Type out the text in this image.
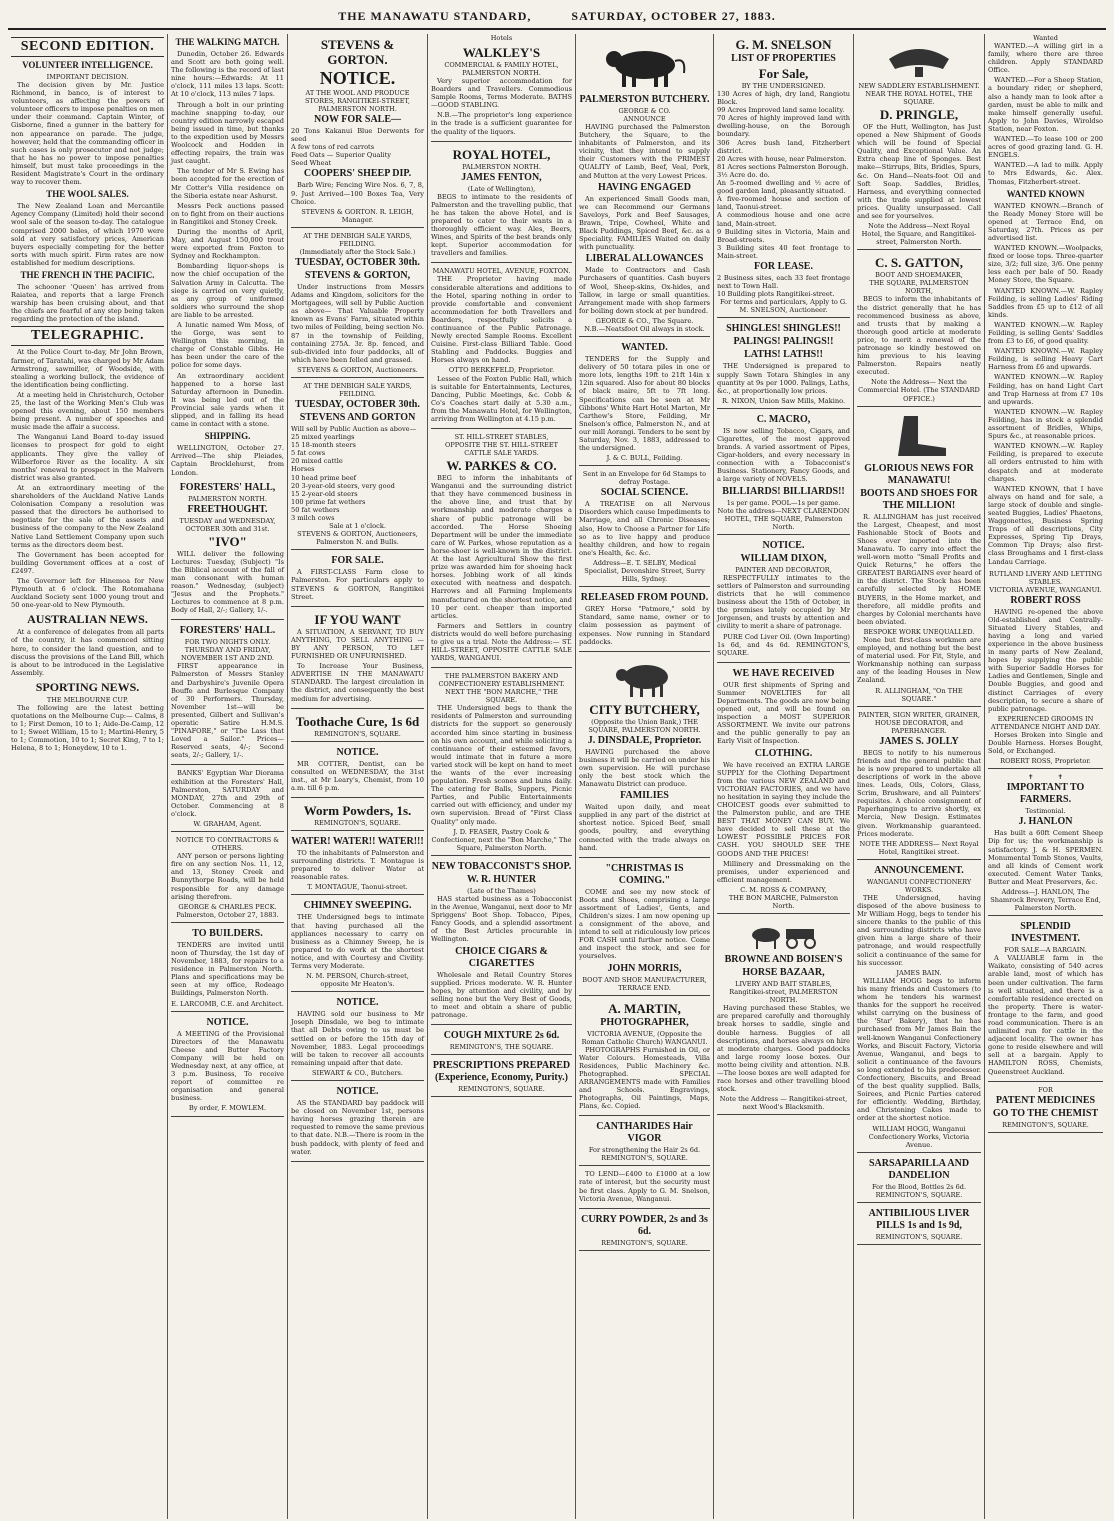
THE MANAWATU STANDARD,	SATURDAY, OCTOBER 27, 1883.
SECOND EDITION.
VOLUNTEER INTELLIGENCE.
IMPORTANT DECISION.

The decision given by Mr. Justice Richmond, in banco, is of interest to volunteers, as affecting the powers of volunteer officers to impose penalties on men under their command. Captain Winter, of Gisborne, fined a gunner in the battery for non appearance on parade. The judge, however, held that the commanding officer in such cases is only prosecutor and not judge; that he has no power to impose penalties himself, but must take proceedings in the Resident Magistrate's Court in the ordinary way to recover them.

THE WOOL SALES.

The New Zealand Loan and Mercantile Agency Company (Limited) hold their second wool sale of the season to-day. The catalogue comprised 2000 bales, of which 1970 were sold at very satisfactory prices, American buyers especially competing for the better sorts with much spirit. Firm rates are now established for medium descriptions.

THE FRENCH IN THE PACIFIC.

The schooner 'Queen' has arrived from Raiatea, and reports that a large French warship has been cruising about, and that the chiefs are fearful of any step being taken regarding the protection of the island.

TELEGRAPHIC.

At the Police Court to-day, Mr John Brown, farmer, of Taratahi, was charged by Mr Adam Armstrong, sawmiller, of Woodside, with stealing a working bullock, the evidence of the identification being conflicting.

At a meeting held in Christchurch, October 25, the last of the Working Men's Club was opened this evening, about 150 members being present. A number of speeches and music made the affair a success.

The Wanganui Land Board to-day issued licenses to prospect for gold to eight applicants. They give the valley of Wilberforce River as the locality. A six months' renewal to prospect in the Malvern district was also granted.

At an extraordinary meeting of the shareholders of the Auckland Native Lands Colonisation Company a resolution was passed that the directors be authorised to negotiate for the sale of the assets and business of the company to the New Zealand Native Land Settlement Company upon such terms as the directors deem best.

The Government has been accepted for building Government offices at a cost of £2497.

The Governor left for Hinemoa for New Plymouth at 6 o'clock. The Rotomahana Auckland Society sent 1000 young trout and 50 one-year-old to New Plymouth.

AUSTRALIAN NEWS.

At a conference of delegates from all parts of the country, it has commenced sitting here, to consider the land question, and to discuss the provisions of the Land Bill, which is about to be introduced in the Legislative Assembly.

SPORTING NEWS.
THE MELBOURNE CUP.

The following are the latest betting quotations on the Melbourne Cup:— Calms, 8 to 1; First Demon, 10 to 1; Aide-De-Camp, 12 to 1; Sweet William, 15 to 1; Martini-Henry, 5 to 1; Commotion, 10 to 1; Secret King, 7 to 1; Helena, 8 to 1; Honeydew, 10 to 1.

THE WALKING MATCH.

Dunedin, October 26. Edwards and Scott are both going well. The following is the record of last nine hours:—Edwards: At 11 o'clock, 111 miles 13 laps. Scott: At 10 o'clock, 113 miles 7 laps.

Through a bolt in our printing machine snapping to-day, our country edition narrowly escaped being issued in time, but thanks to the expedition used by Messrs Woolcock and Hodden in effecting repairs, the train was just caught.

The tender of Mr S. Ewing has been accepted for the erection of Mr Cotter's Villa residence on the Siberia estate near Ashurst.

Messrs Peck auctions passed on to fight from on their auctions in Rangitikei and Stoney Creek.

During the months of April, May, and August 150,000 trout were exported from Foxton to Sydney and Rockhampton.

Bombarding liquor-shops is now the chief occupation of the Salvation Army in Calcutta. The siege is carried on very quietly, as any group of uniformed soldiers who surround the shop are liable to be arrested.

A lunatic named Wm Moss, of the Gorge, was sent to Wellington this morning, in charge of Constable Gibbs. He has been under the care of the police for some days.

An extraordinary accident happened to a horse last Saturday afternoon in Dunedin. It was being led out of the Provincial sale yards when it slipped, and in falling its head came in contact with a stone.

SHIPPING.

WELLINGTON, October 27. Arrived—The ship Pleiades, Captain Brocklehurst, from London.

FORESTERS' HALL,
PALMERSTON NORTH.
FREETHOUGHT.
TUESDAY and WEDNESDAY, OCTOBER 30th and 31st.
"IVO"

WILL deliver the following Lectures: Tuesday, (Subject) "Is the Biblical account of the fall of man consonant with human reason." Wednesday, (subject) "Jesus and the Prophets." Lectures to commence at 8 p.m. Body of Hall, 2/-; Gallery, 1/-.

FORESTERS' HALL.
FOR TWO NIGHTS ONLY.
THURSDAY AND FRIDAY, NOVEMBER 1ST AND 2ND.

FIRST appearance in Palmerston of Messrs Stanley and Darbyshire's Juvenile Opera Bouffe and Burlesque Company of 30 Performers. Thursday, November 1st—will be presented, Gilbert and Sullivan's operatic Satire H.M.S. "PINAFORE," or "The Lass that Loved a Sailor." Prices—Reserved seats, 4/-; Second seats, 2/-; Gallery, 1/-.

BANKS' Egyptian War Diorama exhibition at the Foresters' Hall, Palmerston, SATURDAY and MONDAY, 27th and 29th of October. Commencing at 8 o'clock.

W. GRAHAM, Agent.
NOTICE TO CONTRACTORS & OTHERS.

ANY person or persons lighting fire on any section Nos. 11, 12, and 13, Stoney Creek and Bunnythorpe Roads, will be held responsible for any damage arising therefrom.

GEORGE & CHARLES PECK. Palmerston, October 27, 1883.
TO BUILDERS.

TENDERS are invited until noon of Thursday, the 1st day of November, 1883, for repairs to a residence in Palmerston North. Plans and specifications may be seen at my office, Rodeago Buildings, Palmerston North.

E. LARCOMB, C.E. and Architect.
NOTICE.

A MEETING of the Provisional Directors of the Manawatu Cheese and Butter Factory Company will be held on Wednesday next, at any office, at 3 p.m. Business, To receive report of committee re organisation and general business.

By order, F. MOWLEM.
STEVENS & GORTON.
NOTICE.
AT THE WOOL AND PRODUCE STORES, RANGITIKEI-STREET, PALMERSTON NORTH.
NOW FOR SALE—
20 Tons Kakanui Blue Derwents for seed
A few tons of red carrots
Feed Oats — Superior Quality
Seed Wheat
COOPERS' SHEEP DIP.

Barb Wire; Fencing Wire Nos. 6, 7, 8, 9. Just Arrived—100 Boxes Tea, Very Choice.

STEVENS & GORTON. R. LEIGH, Manager.
AT THE DENBIGH SALE YARDS, FEILDING.
(Immediately after the Stock Sale.)
TUESDAY, OCTOBER 30th.
STEVENS & GORTON,

Under instructions from Messrs Adams and Kingdom, solicitors for the Mortgagees, will sell by Public Auction as above— That Valuable Property known as Evans' Farm, situated within two miles of Feilding, being section No. 87 in the township of Feilding, containing 275A. 3r. 8p. fenced, and sub-divided into four paddocks, all of which have been felled and grassed.

STEVENS & GORTON, Auctioneers.
AT THE DENBIGH SALE YARDS, FEILDING.
TUESDAY, OCTOBER 30th.
STEVENS AND GORTON
Will sell by Public Auction as above—
25 mixed yearlings
15 18-month steers
5 fat cows
20 mixed cattle
Horses
10 head prime beef
20 3-year-old steers, very good
15 2-year-old steers
100 prime fat wethers
50 fat wethers
3 milch cows
Sale at 1 o'clock.
STEVENS & GORTON, Auctioneers, Palmerston N. and Bulls.
FOR SALE.

A FIRST-CLASS Farm close to Palmerston. For particulars apply to STEVENS & GORTON, Rangitikei Street.

IF YOU WANT

A SITUATION, A SERVANT, TO BUY ANYTHING, TO SELL ANYTHING — BY ANY PERSON, TO LET FURNISHED OR UNFURNISHED.

To Increase Your Business, ADVERTISE IN THE MANAWATU STANDARD. The largest circulation in the district, and consequently the best medium for advertising.

Toothache Cure, 1s 6d
REMINGTON'S, SQUARE.
NOTICE.

MR COTTER, Dentist, can be consulted on WEDNESDAY, the 31st inst., at Mr Leary's, Chemist, from 10 a.m. till 6 p.m.

Worm Powders, 1s.
REMINGTON'S, SQUARE.
WATER! WATER!! WATER!!!

TO the inhabitants of Palmerston and surrounding districts. T. Montague is prepared to deliver Water at reasonable rates.

T. MONTAGUE, Taonui-street.
CHIMNEY SWEEPING.

THE Undersigned begs to intimate that having purchased all the appliances necessary to carry on business as a Chimney Sweep, he is prepared to do work at the shortest notice, and with Courtesy and Civility. Terms very Moderate.

N. M. PERSON, Church-street, opposite Mr Heaton's.
NOTICE.

HAVING sold our business to Mr Joseph Dinsdale, we beg to intimate that all Debts owing to us must be settled on or before the 15th day of November, 1883. Legal proceedings will be taken to recover all accounts remaining unpaid after that date.

SIEWART & CO., Butchers.
NOTICE.

AS the STANDARD bay paddock will be closed on November 1st, persons having horses grazing therein are requested to remove the same previous to that date. N.B.—There is room in the bush paddock, with plenty of feed and water.

Hotels
WALKLEY'S
COMMERCIAL & FAMILY HOTEL, PALMERSTON NORTH.

Very superior accommodation for Boarders and Travellers. Commodious Sample Rooms, Terms Moderate. BATHS—GOOD STABLING.

N.B.—The proprietor's long experience in the trade is a sufficient guarantee for the quality of the liquors.

ROYAL HOTEL,
PALMERSTON NORTH.
JAMES FENTON,
(Late of Wellington),

BEGS to intimate to the residents of Palmerston and the travelling public, that he has taken the above Hotel, and is prepared to cater to their wants in a thoroughly efficient way. Ales, Beers, Wines, and Spirits of the best brands only kept. Superior accommodation for travellers and families.

MANAWATU HOTEL, AVENUE, FOXTON.

THE Proprietor having made considerable alterations and additions to the Hotel, sparing nothing in order to provide comfortable and convenient accommodation for both Travellers and Boarders, respectfully solicits a continuance of the Public Patronage. Newly erected Sample Rooms. Excellent Cuisine. First-class Billiard Table. Good Stabling and Paddocks. Buggies and Horses always on hand.

OTTO BERKEFELD, Proprietor.

Lessee of the Foxton Public Hall, which is suitable for Entertainments, Lectures, Dancing, Public Meetings, &c. Cobb & Co's Coaches start daily at 5.30 a.m., from the Manawatu Hotel, for Wellington, arriving from Wellington at 4.15 p.m.

ST. HILL-STREET STABLES,
OPPOSITE THE ST. HILL-STREET CATTLE SALE YARDS.
W. PARKES & CO.

BEG to inform the inhabitants of Wanganui and the surrounding district that they have commenced business in the above line, and trust that by workmanship and moderate charges a share of public patronage will be accorded. The Horse Shoeing Department will be under the immediate care of W. Parkes, whose reputation as a horse-shoer is well-known in the district. At the last Agricultural Show the first prize was awarded him for shoeing hack horses. Jobbing work of all kinds executed with neatness and despatch. Harrows and all Farming Implements manufactured on the shortest notice, and 10 per cent. cheaper than imported articles.

Farmers and Settlers in country districts would do well before purchasing to give us a trial. Note the Address:— ST. HILL-STREET, OPPOSITE CATTLE SALE YARDS, WANGANUI.

THE PALMERSTON BAKERY AND CONFECTIONERY ESTABLISHMENT.
NEXT THE "BON MARCHE," THE SQUARE.

THE Undersigned begs to thank the residents of Palmerston and surrounding districts for the support so generously accorded him since starting in business on his own account, and while soliciting a continuance of their esteemed favors, would intimate that in future a more varied stock will be kept on hand to meet the wants of the ever increasing population. Fresh scones and buns daily. The catering for Balls, Suppers, Picnic Parties, and Public Entertainments carried out with efficiency, and under my own supervision. Bread of "First Class Quality" only made.

J. D. FEASER, Pastry Cook & Confectioner, next the "Bon Marche," The Square, Palmerston North.
NEW TOBACCONIST'S SHOP.
W. R. HUNTER
(Late of the Thames)

HAS started business as a Tobacconist in the Avenue, Wanganui, next door to Mr Spriggens' Boot Shop. Tobacco, Pipes, Fancy Goods, and a splendid assortment of the Best Articles procurable in Wellington.

CHOICE CIGARS & CIGARETTES

Wholesale and Retail Country Stores supplied. Prices moderate. W. R. Hunter hopes, by attention and civility, and by selling none but the Very Best of Goods, to meet and obtain a share of public patronage.

COUGH MIXTURE 2s 6d.
REMINGTON'S, THE SQUARE.
PRESCRIPTIONS PREPARED (Experience, Economy, Purity.)
REMINGTON'S, SQUARE.
PALMERSTON BUTCHERY.
GEORGE & CO.
ANNOUNCE

HAVING purchased the Palmerston Butchery, the Square, to the inhabitants of Palmerston, and its vicinity, that they intend to supply their Customers with the PRIMEST QUALITY of Lamb, Beef, Veal, Pork, and Mutton at the very Lowest Prices.

HAVING ENGAGED

An experienced Small Goods man, we can Recommend our Germans Saveloys, Pork and Beef Sausages, Brawn, Tripe, Cowheel, White and Black Puddings, Spiced Beef, &c. as a Speciality. FAMILIES Waited on daily with punctuality.

LIBERAL ALLOWANCES

Made to Contractors and Cash Purchasers of quantities. Cash buyers of Wool, Sheep-skins, Ox-hides, and Tallow, in large or small quantities. Arrangement made with shop farmers for boiling down stock at per hundred.

GEORGE & CO., The Square.
N.B.—Neatsfoot Oil always in stock.
WANTED.

TENDERS for the Supply and delivery of 50 totara piles in one or more lots, lengths 19ft to 21ft 14in x 12in squared. Also for about 80 blocks of black maire, 5ft to 7ft long. Specifications can be seen at Mr Gibbons' White Hart Hotel Marton, Mr Carthew's Store, Feilding, Mr Snelson's office, Palmerston N., and at our mill Aorangi. Tenders to be sent by Saturday, Nov. 3, 1883, addressed to the undersigned.

J. & C. BULL, Feilding.
Sent in an Envelope for 6d Stamps to defray Postage.
SOCIAL SCIENCE.

A TREATISE on all Nervous Disorders which cause Impediments to Marriage, and all Chronic Diseases; also, How to Choose a Partner for Life so as to live happy and produce healthy children, and how to regain one's Health, &c. &c.

Address—E. T. SELBY, Medical Specialist, Devonshire Street, Surry Hills, Sydney.
RELEASED FROM POUND.

GREY Horse "Patmore," sold by Standard, same name, owner or to claim possession as payment of expenses. Now running in Standard paddocks.

CITY BUTCHERY,
(Opposite the Union Bank,) THE SQUARE, PALMERSTON NORTH.
J. DINSDALE, Proprietor.

HAVING purchased the above business it will be carried on under his own supervision. He will purchase only the best stock which the Manawatu District can produce.

FAMILIES

Waited upon daily, and meat supplied in any part of the district at shortest notice. Spiced Beef, small goods, poultry, and everything connected with the trade always on hand.

"CHRISTMAS IS COMING."

COME and see my new stock of Boots and Shoes, comprising a large assortment of Ladies', Gents, and Children's sizes. I am now opening up a consignment of the above, and intend to sell at ridiculously low prices FOR CASH until further notice. Come and inspect the stock, and see for yourselves.

JOHN MORRIS,
BOOT AND SHOE MANUFACTURER, TERRACE END.
A. MARTIN,
PHOTOGRAPHER,
VICTORIA AVENUE, (Opposite the Roman Catholic Church) WANGANUI.

PHOTOGRAPHS Furnished in Oil, or Water Colours. Homesteads, Villa Residences, Public Machinery &c. Photographed. SPECIAL ARRANGEMENTS made with Families and Schools. Engravings, Photographs, Oil Paintings, Maps, Plans, &c. Copied.

CANTHARIDES Hair VIGOR
For strengthening the Hair 2s 6d. REMINGTON'S, SQUARE.

TO LEND—£400 to £1000 at a low rate of interest, but the security must be first class. Apply to G. M. Snelson, Victoria Avenue, Wanganui.

CURRY POWDER, 2s and 3s 6d.
REMINGTON'S, SQUARE.
G. M. SNELSON
LIST OF PROPERTIES
For Sale,
BY THE UNDERSIGNED.
130 Acres of high, dry land, Rangiotu Block.
99 Acres Improved land same locality.
70 Acres of highly improved land with dwelling-house, on the Borough boundary.
306 Acres bush land, Fitzherbert district.
20 Acres with house, near Palmerston.
81 Acres sections Palmerston Borough.
3½ Acre do. do.
An 5-roomed dwelling and ½ acre of good garden land, pleasantly situated.
A five-roomed house and section of land, Taonui-street.
A commodious house and one acre land, Main-street.
9 Building sites in Victoria, Main and Broad-streets.
3 Building sites 40 feet frontage to Main-street.
FOR LEASE.
2 Business sites, each 33 feet frontage next to Town Hall.
10 Building plots Rangitikei-street.
For terms and particulars, Apply to G. M. SNELSON, Auctioneer.
SHINGLES! SHINGLES!!
PALINGS! PALINGS!!
LATHS! LATHS!!

THE Undersigned is prepared to supply Sawn Totara Shingles in any quantity at 9s per 1000. Palings, Laths, &c., at proportionally low prices.

R. NIXON, Union Saw Mills, Makino.
C. MACRO,

IS now selling Tobacco, Cigars, and Cigarettes, of the most approved brands. A varied assortment of Pipes, Cigar-holders, and every necessary in connection with a Tobacconist's Business. Stationery, Fancy Goods, and a large variety of NOVELS.

BILLIARDS! BILLIARDS!!
1s per game. POOL—1s per game.
Note the address—NEXT CLARENDON HOTEL, THE SQUARE, Palmerston North.
NOTICE.
WILLIAM DIXON,
PAINTER AND DECORATOR,

RESPECTFULLY intimates to the settlers of Palmerston and surrounding districts that he will commence business about the 15th of October, in the premises lately occupied by Mr Jorgensen, and trusts by attention and civility to merit a share of patronage.

PURE Cod Liver Oil. (Own Importing) 1s 6d, and 4s 6d. REMINGTON'S, SQUARE.

WE HAVE RECEIVED

OUR first shipments of Spring and Summer NOVELTIES for all Departments. The goods are now being opened out, and will be found on inspection a MOST SUPERIOR ASSORTMENT. We invite our patrons and the public generally to pay an Early Visit of Inspection.

CLOTHING.

We have received an EXTRA LARGE SUPPLY for the Clothing Department from the various NEW ZEALAND and VICTORIAN FACTORIES, and we have no hesitation in saying they include the CHOICEST goods ever submitted to the Palmerston public, and are THE BEST THAT MONEY CAN BUY. We have decided to sell these at the LOWEST POSSIBLE PRICES FOR CASH. YOU SHOULD SEE THE GOODS AND THE PRICES!

Millinery and Dressmaking on the premises, under experienced and efficient management.

C. M. ROSS & COMPANY,
THE BON MARCHE, Palmerston North.
BROWNE AND BOISEN'S
HORSE BAZAAR,
LIVERY AND BAIT STABLES,
Rangitikei-street, PALMERSTON NORTH.

Having purchased these Stables, we are prepared carefully and thoroughly break horses to saddle, single and double harness. Buggies of all descriptions, and horses always on hire at moderate charges. Good paddocks and large roomy loose boxes. Our motto being civility and attention. N.B.—The loose boxes are well adapted for race horses and other travelling blood stock.

Note the Address — Rangitikei-street, next Wood's Blacksmith.
NEW SADDLERY ESTABLISHMENT.
NEAR THE ROYAL HOTEL, THE SQUARE.
D. PRINGLE,

OF the Hutt, Wellington, has Just opened a New Shipment of Goods which will be found of Special Quality, and Exceptional Value. An Extra cheap line of Sponges. Best make—Stirrups, Bits, Bridles, Spurs, &c. On Hand—Neats-foot Oil and Soft Soap. Saddles, Bridles, Harness, and everything connected with the trade supplied at lowest prices. Quality unsurpassed. Call and see for yourselves.

Note the Address—Next Royal Hotel, the Square, and Rangitikei-street, Palmerston North.
C. S. GATTON,
BOOT AND SHOEMAKER,
THE SQUARE, PALMERSTON NORTH,

BEGS to inform the inhabitants of the district generally that he has recommenced business as above, and trusts that by making a thorough good article at moderate price, to merit a renewal of the patronage so kindly bestowed on him previous to his leaving Palmerston. Repairs neatly executed.

Note the Address— Next the Commercial Hotel. (The STANDARD OFFICE.)
GLORIOUS NEWS FOR MANAWATU!
BOOTS AND SHOES FOR THE MILLION!

R. ALLINGHAM has just received the Largest, Cheapest, and most Fashionable Stock of Boots and Shoes ever imported into the Manawatu. To carry into effect the well-worn motto "Small Profits and Quick Returns," he offers the GREATEST BARGAINS ever heard of in the district. The Stock has been carefully selected by HOME BUYERS, in the Home market, and therefore, all middle profits and charges by Colonial merchants have been obviated.

BESPOKE WORK UNEQUALLED.

None but first-class workmen are employed, and nothing but the best of material used. For Fit, Style, and Workmanship nothing can surpass any of the leading Houses in New Zealand.

R. ALLINGHAM, "On THE SQUARE."
PAINTER, SIGN WRITER, GRAINER, HOUSE DECORATOR, and PAPERHANGER.
JAMES S. JOLLY

BEGS to notify to his numerous friends and the general public that he is now prepared to undertake all descriptions of work in the above lines. Leads, Oils, Colors, Glass, Scrim, Brushware, and all Painters' requisites. A choice consignment of Paperhangings to arrive shortly, ex Mercia, New Design. Estimates given. Workmanship guaranteed. Prices moderate.

NOTE THE ADDRESS— Next Royal Hotel, Rangitikei street.
ANNOUNCEMENT.
WANGANUI CONFECTIONERY WORKS.

THE Undersigned, having disposed of the above business to Mr William Hogg, begs to tender his sincere thanks to the public of this and surrounding districts who have given him a large share of their patronage, and would respectfully solicit a continuance of the same for his successor.

JAMES BAIN.

WILLIAM HOGG begs to inform his many friends and Customers (to whom he tenders his warmest thanks for the support he received whilst carrying on the business of the 'Star' Bakery), that he has purchased from Mr James Bain the well-known Wanganui Confectionery Works, and Biscuit Factory, Victoria Avenue, Wanganui, and begs to solicit a continuance of the favours so long extended to his predecessor. Confectionery, Biscuits, and Bread of the best quality supplied. Balls, Soirees, and Picnic Parties catered for efficiently. Wedding, Birthday, and Christening Cakes made to order at the shortest notice.

WILLIAM HOGG, Wanganui Confectionery Works, Victoria Avenue.
SARSAPARILLA AND DANDELION
For the Blood, Bottles 2s 6d. REMINGTON'S, SQUARE.
ANTIBILIOUS LIVER PILLS 1s and 1s 9d,
REMINGTON'S, SQUARE.
Wanted

WANTED.—A willing girl in a family, where there are three children. Apply STANDARD Office.

WANTED.—For a Sheep Station, a boundary rider, or shepherd, also a handy man to look after a garden, must be able to milk and make himself generally useful. Apply to John Davies, Wiroldso Station, near Foxton.

WANTED.—To lease 100 or 200 acres of good grazing land. G. H. ENGELS.

WANTED.—A lad to milk. Apply to Mrs Edwards, &c. Alex. Thomas, Fitzherbert-street.

WANTED KNOWN

WANTED KNOWN.—Branch of the Ready Money Store will be opened at Terrace End, on Saturday, 27th. Prices as per advertised list.

WANTED KNOWN.—Woolpacks, fixed or loose tops. Three-quarter size, 3/2; full size, 3/6. One penny less each per bale of 50. Ready Money Store, the Square.

WANTED KNOWN.—W. Rapley Feilding, is selling Ladies' Riding Saddles from £5 up to £12 of all kinds.

WANTED KNOWN.—W. Rapley Feilding, is selling Gents' Saddles from £3 to £6, of good quality.

WANTED KNOWN.—W. Rapley Feilding, is selling Heavy Cart Harness from £6 and upwards.

WANTED KNOWN.—W. Rapley Feilding, has on hand Light Cart and Trap Harness at from £7 10s and upwards.

WANTED KNOWN.—W. Rapley Feilding, has in stock a splendid assortment of Bridles, Whips, Spurs &c., at reasonable prices.

WANTED KNOWN.—W. Rapley Feilding, is prepared to execute all orders entrusted to him with despatch and at moderate charges.

WANTED KNOWN, that I have always on hand and for sale, a large stock of double and single-seated Buggies, Ladies' Phaetons, Waggonettes, Business Spring Traps of all descriptions, City Expresses, Spring Tip Drays, Common Tip Drays; also first-class Broughams and 1 first-class Landau Carriage.

RUTLAND LIVERY AND LETTING STABLES.
VICTORIA AVENUE, WANGANUI.
ROBERT ROSS

HAVING re-opened the above Old-established and Centrally-Situated Livery Stables, and having a long and varied experience in the above business in many parts of New Zealand, hopes by supplying the public with Superior Saddle Horses for Ladies and Gentlemen, Single and Double Buggies, and good and distinct Carriages of every description, to secure a share of public patronage.

EXPERIENCED GROOMS IN ATTENDANCE NIGHT AND DAY.

Horses Broken into Single and Double Harness. Horses Bought, Sold, or Exchanged.

ROBERT ROSS, Proprietor.
✝     ✝
IMPORTANT TO FARMERS.
Testimonial.
J. HANLON

Has built a 60ft Cement Sheep Dip for us; the workmanship is satisfactory. J. & H. SPERMEN. Monumental Tomb Stones, Vaults, and all kinds of Cement work executed. Cement Water Tanks, Butter and Meat Preservers, &c.

Address—J. HANLON, The Shamrock Brewery, Terrace End, Palmerston North.
SPLENDID INVESTMENT.
FOR SALE—A BARGAIN.

A VALUABLE farm in the Waikato, consisting of 540 acres arable land, most of which has been under cultivation. The farm is well situated, and there is a comfortable residence erected on the property. There is water-frontage to the farm, and good road communication. There is an unlimited run for cattle in the adjacent locality. The owner has gone to reside elsewhere and will sell at a bargain. Apply to HAMILTON ROSS, Chemists, Queenstreet Auckland.

FOR
PATENT MEDICINES
GO TO THE CHEMIST
REMINGTON'S, SQUARE.
